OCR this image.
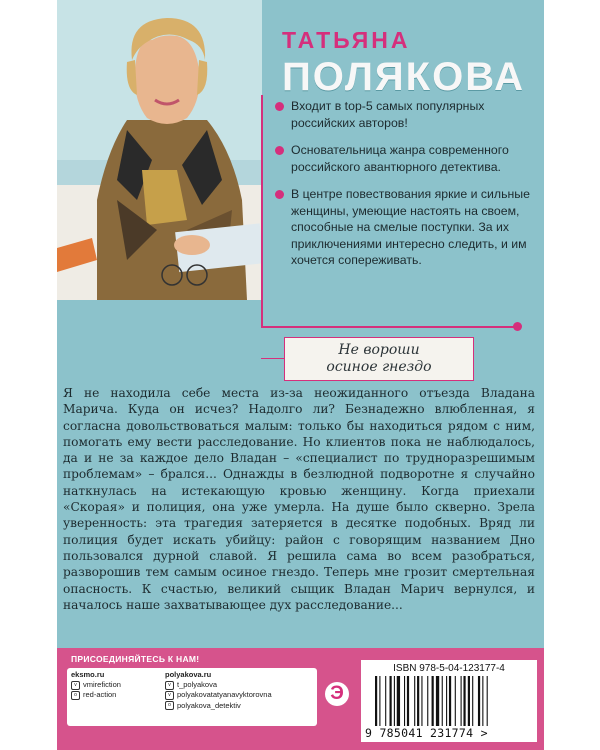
ТАТЬЯНА
ПОЛЯКОВА
Входит в top-5 самых популярных российских авторов!
Основательница жанра современного российского авантюрного детектива.
В центре повествования яркие и сильные женщины, умеющие настоять на своем, способные на смелые поступки. За их приключениями интересно следить, и им хочется сопереживать.
Не вороши
осиное гнездо

Я не находила себе места из-за неожиданного отъезда Владана Марича. Куда он исчез? Надолго ли? Безнадежно влюбленная, я согласна довольствоваться малым: только бы находиться рядом с ним, помогать ему вести расследование. Но клиентов пока не наблюдалось, да и не за каждое дело Владан – «специалист по трудноразрешимым проблемам» – брался... Однажды в безлюдной подворотне я случайно наткнулась на истекающую кровью женщину. Когда приехали «Скорая» и полиция, она уже умерла. На душе было скверно. Зрела уверенность: эта трагедия затеряется в десятке подобных. Вряд ли полиция будет искать убийцу: район с говорящим названием Дно пользовался дурной славой. Я решила сама во всем разобраться, разворошив тем самым осиное гнездо. Теперь мне грозит смертельная опасность. К счастью, великий сыщик Владан Марич вернулся, и началось наше захватывающее дух расследование...

ПРИСОЕДИНЯЙТЕСЬ К НАМ!
eksmo.ru
v vmirefiction
o red-action
polyakova.ru
v t_polyakova
v polyakovatatyanavyktorovna
o polyakova_detektiv
Э
ISBN 978-5-04-123177-4
9 785041 231774 >
